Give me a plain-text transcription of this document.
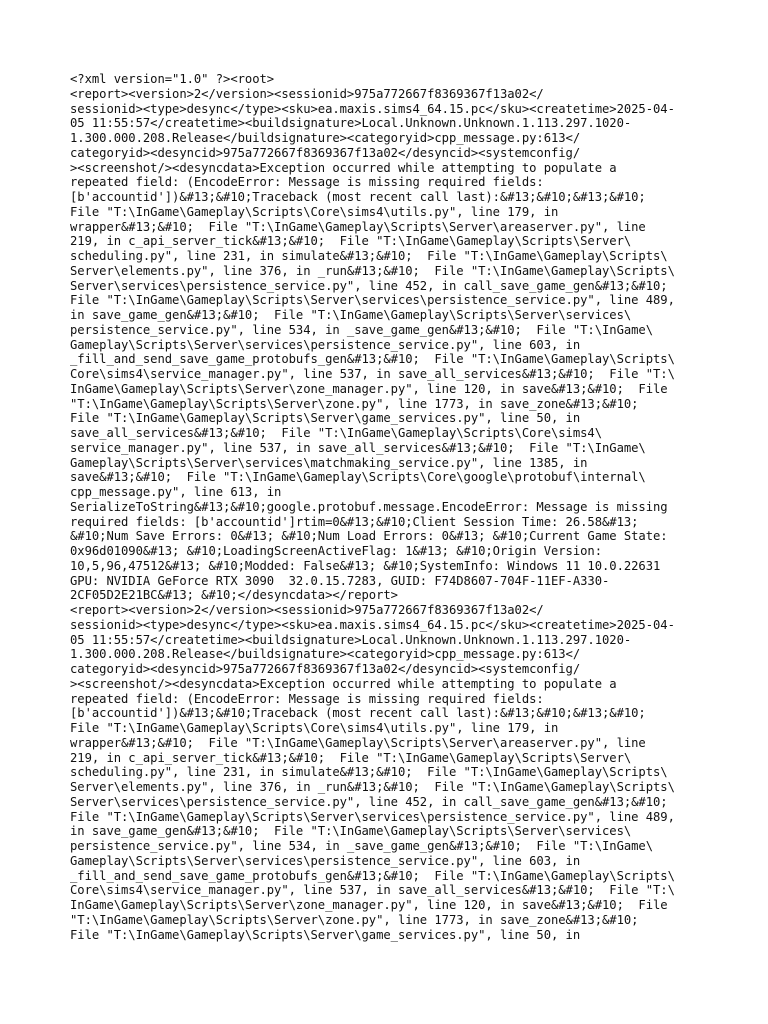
<?xml version="1.0" ?><root>
<report><version>2</version><sessionid>975a772667f8369367f13a02</
sessionid><type>desync</type><sku>ea.maxis.sims4_64.15.pc</sku><createtime>2025-04-
05 11:55:57</createtime><buildsignature>Local.Unknown.Unknown.1.113.297.1020-
1.300.000.208.Release</buildsignature><categoryid>cpp_message.py:613</
categoryid><desyncid>975a772667f8369367f13a02</desyncid><systemconfig/
><screenshot/><desyncdata>Exception occurred while attempting to populate a
repeated field: (EncodeError: Message is missing required fields:
[b'accountid'])&#13;&#10;Traceback (most recent call last):&#13;&#10;&#13;&#10;
File "T:\InGame\Gameplay\Scripts\Core\sims4\utils.py", line 179, in
wrapper&#13;&#10;  File "T:\InGame\Gameplay\Scripts\Server\areaserver.py", line
219, in c_api_server_tick&#13;&#10;  File "T:\InGame\Gameplay\Scripts\Server\
scheduling.py", line 231, in simulate&#13;&#10;  File "T:\InGame\Gameplay\Scripts\
Server\elements.py", line 376, in _run&#13;&#10;  File "T:\InGame\Gameplay\Scripts\
Server\services\persistence_service.py", line 452, in call_save_game_gen&#13;&#10;
File "T:\InGame\Gameplay\Scripts\Server\services\persistence_service.py", line 489,
in save_game_gen&#13;&#10;  File "T:\InGame\Gameplay\Scripts\Server\services\
persistence_service.py", line 534, in _save_game_gen&#13;&#10;  File "T:\InGame\
Gameplay\Scripts\Server\services\persistence_service.py", line 603, in
_fill_and_send_save_game_protobufs_gen&#13;&#10;  File "T:\InGame\Gameplay\Scripts\
Core\sims4\service_manager.py", line 537, in save_all_services&#13;&#10;  File "T:\
InGame\Gameplay\Scripts\Server\zone_manager.py", line 120, in save&#13;&#10;  File
"T:\InGame\Gameplay\Scripts\Server\zone.py", line 1773, in save_zone&#13;&#10;
File "T:\InGame\Gameplay\Scripts\Server\game_services.py", line 50, in
save_all_services&#13;&#10;  File "T:\InGame\Gameplay\Scripts\Core\sims4\
service_manager.py", line 537, in save_all_services&#13;&#10;  File "T:\InGame\
Gameplay\Scripts\Server\services\matchmaking_service.py", line 1385, in
save&#13;&#10;  File "T:\InGame\Gameplay\Scripts\Core\google\protobuf\internal\
cpp_message.py", line 613, in
SerializeToString&#13;&#10;google.protobuf.message.EncodeError: Message is missing
required fields: [b'accountid']rtim=0&#13;&#10;Client Session Time: 26.58&#13;
&#10;Num Save Errors: 0&#13; &#10;Num Load Errors: 0&#13; &#10;Current Game State:
0x96d01090&#13; &#10;LoadingScreenActiveFlag: 1&#13; &#10;Origin Version:
10,5,96,47512&#13; &#10;Modded: False&#13; &#10;SystemInfo: Windows 11 10.0.22631
GPU: NVIDIA GeForce RTX 3090  32.0.15.7283, GUID: F74D8607-704F-11EF-A330-
2CF05D2E21BC&#13; &#10;</desyncdata></report>
<report><version>2</version><sessionid>975a772667f8369367f13a02</
sessionid><type>desync</type><sku>ea.maxis.sims4_64.15.pc</sku><createtime>2025-04-
05 11:55:57</createtime><buildsignature>Local.Unknown.Unknown.1.113.297.1020-
1.300.000.208.Release</buildsignature><categoryid>cpp_message.py:613</
categoryid><desyncid>975a772667f8369367f13a02</desyncid><systemconfig/
><screenshot/><desyncdata>Exception occurred while attempting to populate a
repeated field: (EncodeError: Message is missing required fields:
[b'accountid'])&#13;&#10;Traceback (most recent call last):&#13;&#10;&#13;&#10;
File "T:\InGame\Gameplay\Scripts\Core\sims4\utils.py", line 179, in
wrapper&#13;&#10;  File "T:\InGame\Gameplay\Scripts\Server\areaserver.py", line
219, in c_api_server_tick&#13;&#10;  File "T:\InGame\Gameplay\Scripts\Server\
scheduling.py", line 231, in simulate&#13;&#10;  File "T:\InGame\Gameplay\Scripts\
Server\elements.py", line 376, in _run&#13;&#10;  File "T:\InGame\Gameplay\Scripts\
Server\services\persistence_service.py", line 452, in call_save_game_gen&#13;&#10;
File "T:\InGame\Gameplay\Scripts\Server\services\persistence_service.py", line 489,
in save_game_gen&#13;&#10;  File "T:\InGame\Gameplay\Scripts\Server\services\
persistence_service.py", line 534, in _save_game_gen&#13;&#10;  File "T:\InGame\
Gameplay\Scripts\Server\services\persistence_service.py", line 603, in
_fill_and_send_save_game_protobufs_gen&#13;&#10;  File "T:\InGame\Gameplay\Scripts\
Core\sims4\service_manager.py", line 537, in save_all_services&#13;&#10;  File "T:\
InGame\Gameplay\Scripts\Server\zone_manager.py", line 120, in save&#13;&#10;  File
"T:\InGame\Gameplay\Scripts\Server\zone.py", line 1773, in save_zone&#13;&#10;
File "T:\InGame\Gameplay\Scripts\Server\game_services.py", line 50, in
